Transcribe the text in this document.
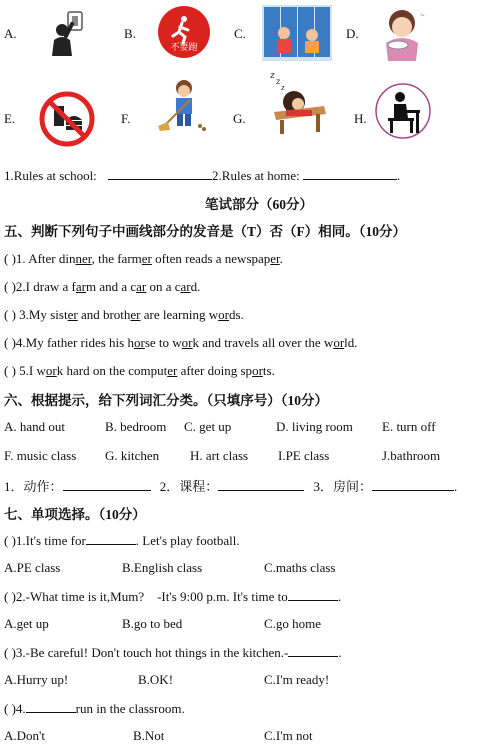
A.	B.
不要跑
C.	D.
~
E.	F.	G.
z
z
z
H.
1.Rules at school:	2.Rules at home:	.
笔试部分（60分）
五、判断下列句子中画线部分的发音是（T）否（F）相同。（10分）
( )1. After dinner, the farmer often reads a newspaper.
( )2.I draw a farm and a car on a card.
( ) 3.My sister and brother are learning words.
( )4.My father rides his horse to work and travels all over the world.
( ) 5.I work hard on the computer after doing sports.
六、根据提示，给下列词汇分类。（只填序号）（10分）
A. hand out	B. bedroom C. get up	D. living room E. turn off
F. music class G. kitchen H. art class I.PE class	J.bathroom
1．动作：	2．课程：	3．房间：	.
七、单项选择。（10分）
( )1.It's time for	. Let's play football.
A.PE class	B.English class	C.maths class
( )2.-What time is it,Mum?    -It's 9:00 p.m. It's time to	.
A.get up	B.go to bed	C.go home
( )3.-Be careful! Don't touch hot things in the kitchen.-	.
A.Hurry up!	B.OK!	C.I'm ready!
( )4.	run in the classroom.
A.Don't	B.Not	C.I'm not
